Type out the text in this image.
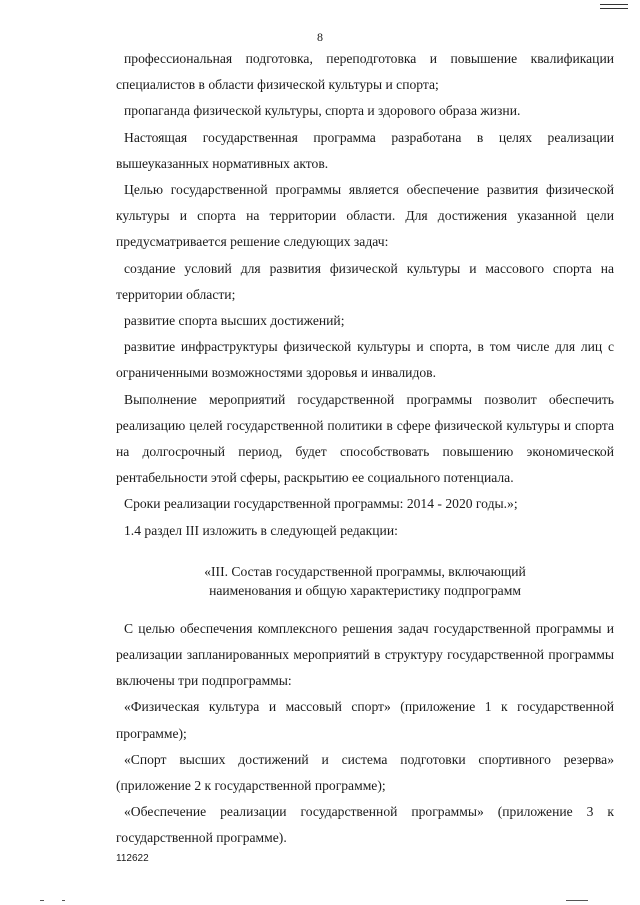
8

профессиональная подготовка, переподготовка и повышение квалификации специалистов в области физической культуры и спорта;

пропаганда физической культуры, спорта и здорового образа жизни.

Настоящая государственная программа разработана в целях реализации вышеуказанных нормативных актов.

Целью государственной программы является обеспечение развития физической культуры и спорта на территории области. Для достижения указанной цели предусматривается решение следующих задач:

создание условий для развития физической культуры и массового спорта на территории области;

развитие спорта высших достижений;

развитие инфраструктуры физической культуры и спорта, в том числе для лиц с ограниченными возможностями здоровья и инвалидов.

Выполнение мероприятий государственной программы позволит обеспечить реализацию целей государственной политики в сфере физической культуры и спорта на долгосрочный период, будет способствовать повышению экономической рентабельности этой сферы, раскрытию ее социального потенциала.

Сроки реализации государственной программы: 2014 - 2020 годы.»;

1.4 раздел III изложить в следующей редакции:

«III. Состав государственной программы, включающий
наименования и общую характеристику подпрограмм

С целью обеспечения комплексного решения задач государственной программы и реализации запланированных мероприятий в структуру государственной программы включены три подпрограммы:

«Физическая культура и массовый спорт» (приложение 1 к государственной программе);

«Спорт высших достижений и система подготовки спортивного резерва» (приложение 2 к государственной программе);

«Обеспечение реализации государственной программы» (приложение 3 к государственной программе).

112622
